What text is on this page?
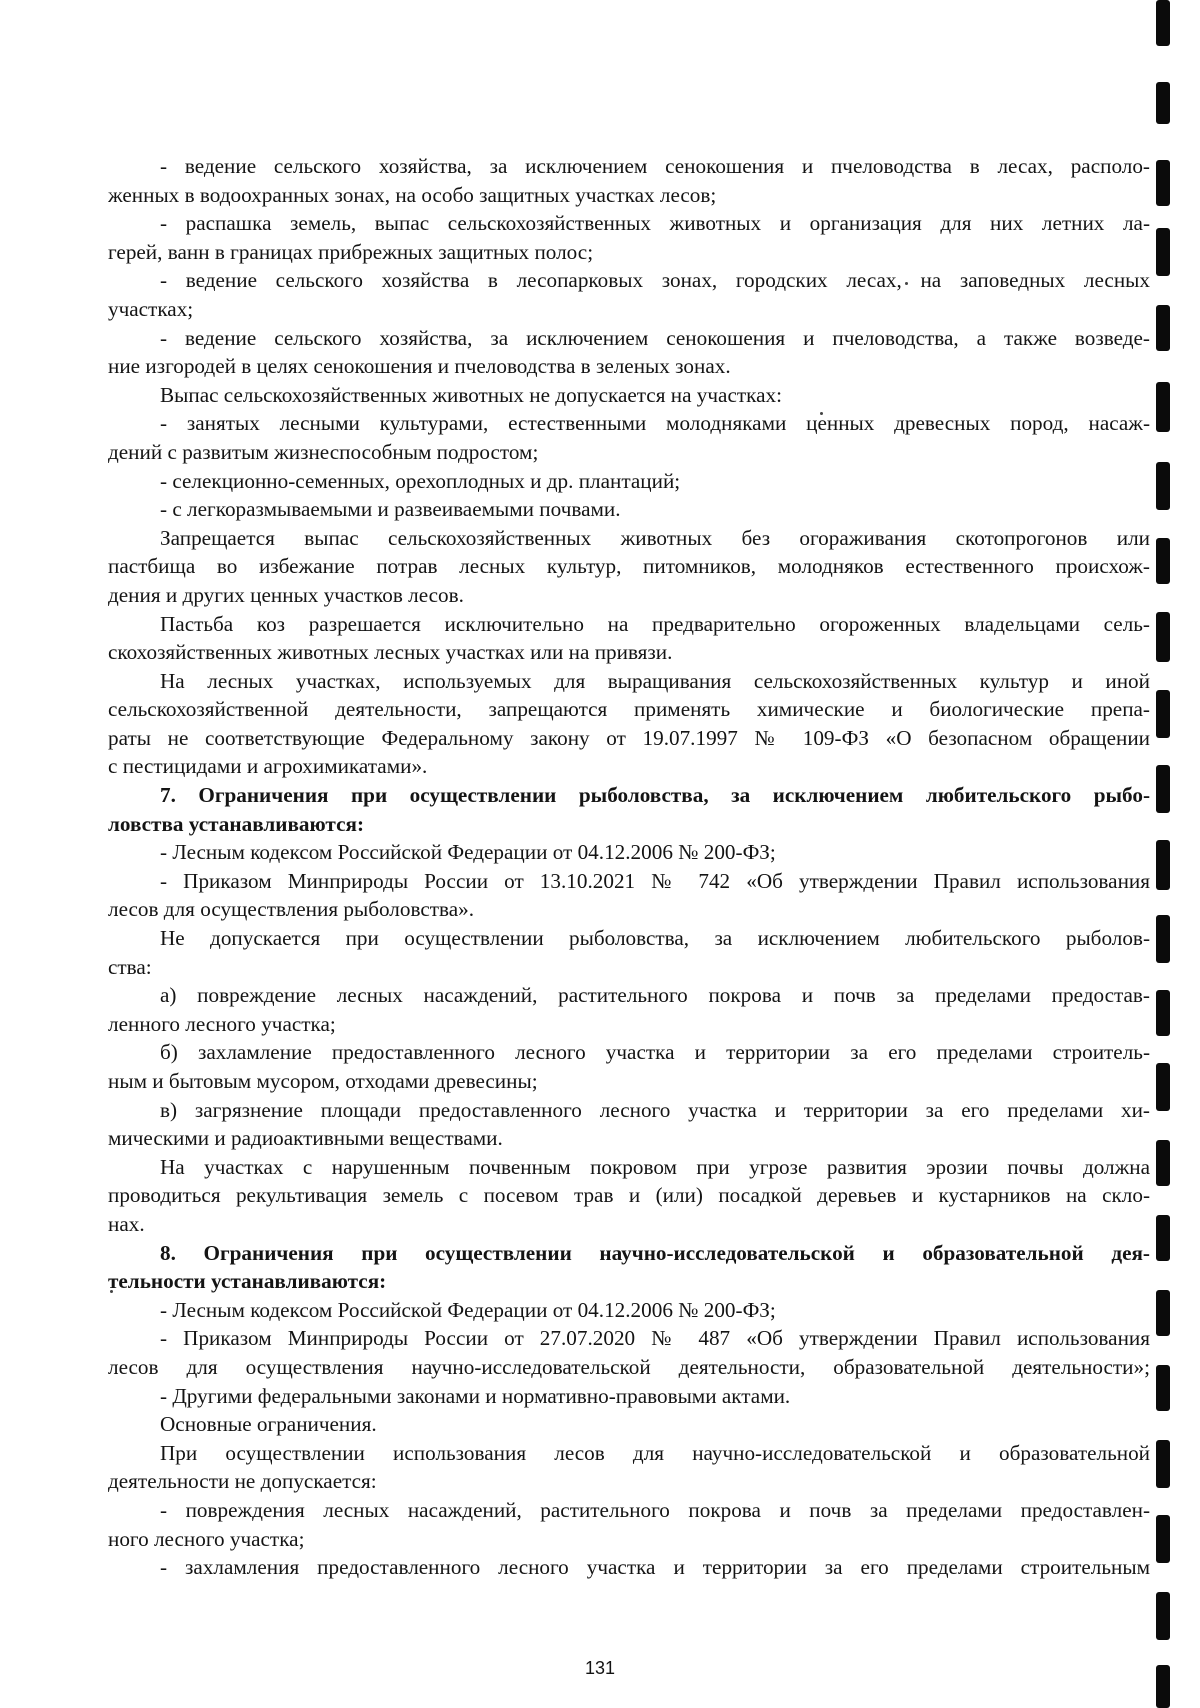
- ведение сельского хозяйства, за исключением сенокошения и пчеловодства в лесах, располо-
женных в водоохранных зонах, на особо защитных участках лесов;
- распашка земель, выпас сельскохозяйственных животных и организация для них летних ла-
герей, ванн в границах прибрежных защитных полос;
- ведение сельского хозяйства в лесопарковых зонах, городских лесах, на заповедных лесных
участках;
- ведение сельского хозяйства, за исключением сенокошения и пчеловодства, а также возведе-
ние изгородей в целях сенокошения и пчеловодства в зеленых зонах.
Выпас сельскохозяйственных животных не допускается на участках:
- занятых лесными культурами, естественными молодняками ценных древесных пород, насаж-
дений с развитым жизнеспособным подростом;
- селекционно-семенных, орехоплодных и др. плантаций;
- с легкоразмываемыми и развеиваемыми почвами.
Запрещается выпас сельскохозяйственных животных без огораживания скотопрогонов или
пастбища во избежание потрав лесных культур, питомников, молодняков естественного происхож-
дения и других ценных участков лесов.
Пастьба коз разрешается исключительно на предварительно огороженных владельцами сель-
скохозяйственных животных лесных участках или на привязи.
На лесных участках, используемых для выращивания сельскохозяйственных культур и иной
сельскохозяйственной деятельности, запрещаются применять химические и биологические препа-
раты не соответствующие Федеральному закону от 19.07.1997 № 109-ФЗ «О безопасном обращении
с пестицидами и агрохимикатами».
7. Ограничения при осуществлении рыболовства, за исключением любительского рыбо-
ловства устанавливаются:
- Лесным кодексом Российской Федерации от 04.12.2006 № 200-ФЗ;
- Приказом Минприроды России от 13.10.2021 № 742 «Об утверждении Правил использования
лесов для осуществления рыболовства».
Не допускается при осуществлении рыболовства, за исключением любительского рыболов-
ства:
а) повреждение лесных насаждений, растительного покрова и почв за пределами предостав-
ленного лесного участка;
б) захламление предоставленного лесного участка и территории за его пределами строитель-
ным и бытовым мусором, отходами древесины;
в) загрязнение площади предоставленного лесного участка и территории за его пределами хи-
мическими и радиоактивными веществами.
На участках с нарушенным почвенным покровом при угрозе развития эрозии почвы должна
проводиться рекультивация земель с посевом трав и (или) посадкой деревьев и кустарников на скло-
нах.
8. Ограничения при осуществлении научно-исследовательской и образовательной дея-
тельности устанавливаются:
- Лесным кодексом Российской Федерации от 04.12.2006 № 200-ФЗ;
- Приказом Минприроды России от 27.07.2020 № 487 «Об утверждении Правил использования
лесов для осуществления научно-исследовательской деятельности, образовательной деятельности»;
- Другими федеральными законами и нормативно-правовыми актами.
Основные ограничения.
При осуществлении использования лесов для научно-исследовательской и образовательной
деятельности не допускается:
- повреждения лесных насаждений, растительного покрова и почв за пределами предоставлен-
ного лесного участка;
- захламления предоставленного лесного участка и территории за его пределами строительным
131
